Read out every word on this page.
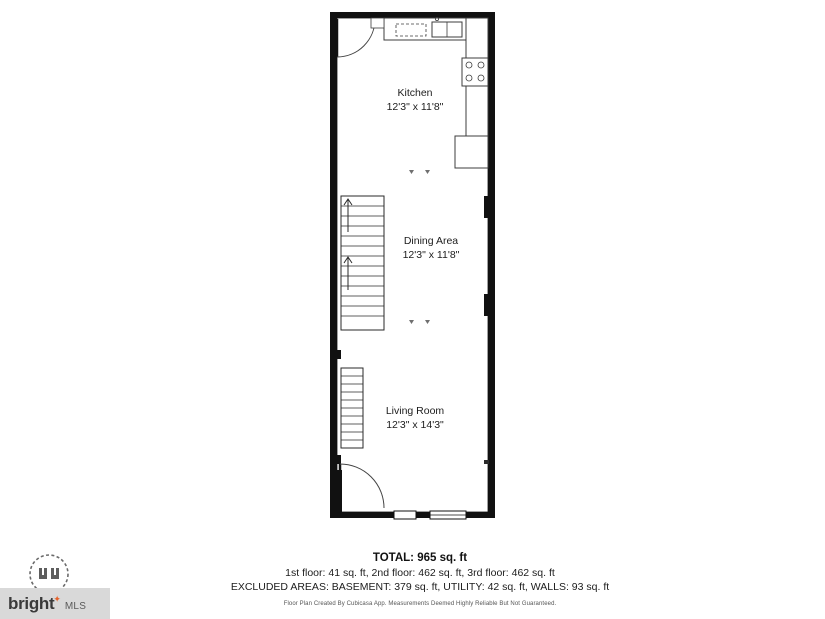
Kitchen
12'3" x 11'8"
Dining Area
12'3" x 11'8"
Living Room
12'3" x 14'3"
TOTAL: 965 sq. ft
1st floor: 41 sq. ft, 2nd floor: 462 sq. ft, 3rd floor: 462 sq. ft
EXCLUDED AREAS: BASEMENT: 379 sq. ft, UTILITY: 42 sq. ft, WALLS: 93 sq. ft
Floor Plan Created By Cubicasa App. Measurements Deemed Highly Reliable But Not Guaranteed.
bright ✦
MLS
